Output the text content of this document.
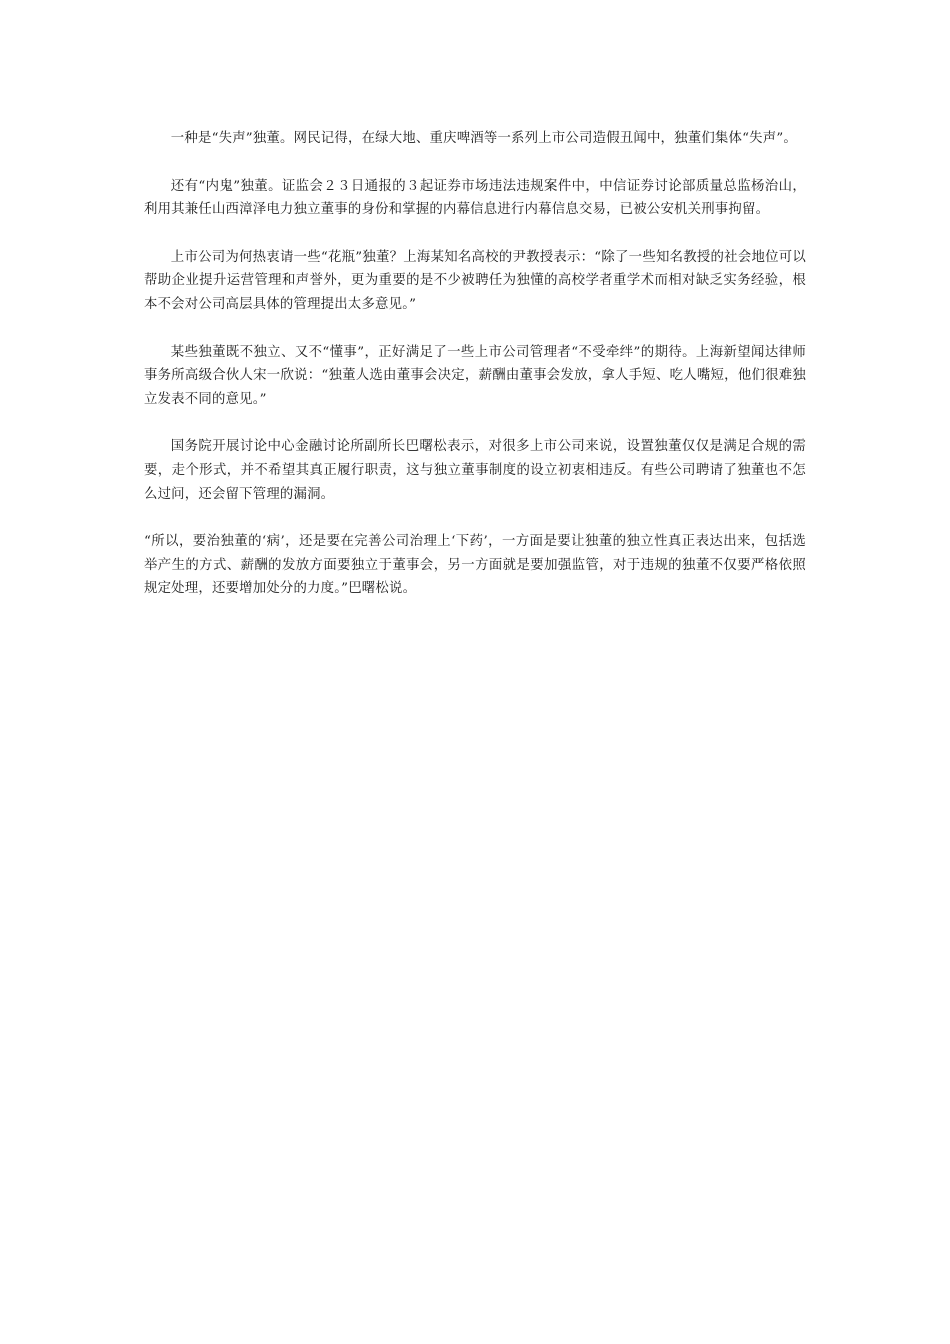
一种是“失声”独董。网民记得，在绿大地、重庆啤酒等一系列上市公司造假丑闻中，独董们集体“失声”。

还有“内鬼”独董。证监会２３日通报的３起证券市场违法违规案件中，中信证券讨论部质量总监杨治山，利用其兼任山西漳泽电力独立董事的身份和掌握的内幕信息进行内幕信息交易，已被公安机关刑事拘留。

上市公司为何热衷请一些“花瓶”独董？上海某知名高校的尹教授表示：“除了一些知名教授的社会地位可以帮助企业提升运营管理和声誉外，更为重要的是不少被聘任为独懂的高校学者重学术而相对缺乏实务经验，根本不会对公司高层具体的管理提出太多意见。”

某些独董既不独立、又不“懂事”，正好满足了一些上市公司管理者“不受牵绊”的期待。上海新望闻达律师事务所高级合伙人宋一欣说：“独董人选由董事会决定，薪酬由董事会发放，拿人手短、吃人嘴短，他们很难独立发表不同的意见。”

国务院开展讨论中心金融讨论所副所长巴曙松表示，对很多上市公司来说，设置独董仅仅是满足合规的需要，走个形式，并不希望其真正履行职责，这与独立董事制度的设立初衷相违反。有些公司聘请了独董也不怎么过问，还会留下管理的漏洞。

“所以，要治独董的‘病’，还是要在完善公司治理上‘下药’，一方面是要让独董的独立性真正表达出来，包括选举产生的方式、薪酬的发放方面要独立于董事会，另一方面就是要加强监管，对于违规的独董不仅要严格依照规定处理，还要增加处分的力度。”巴曙松说。
